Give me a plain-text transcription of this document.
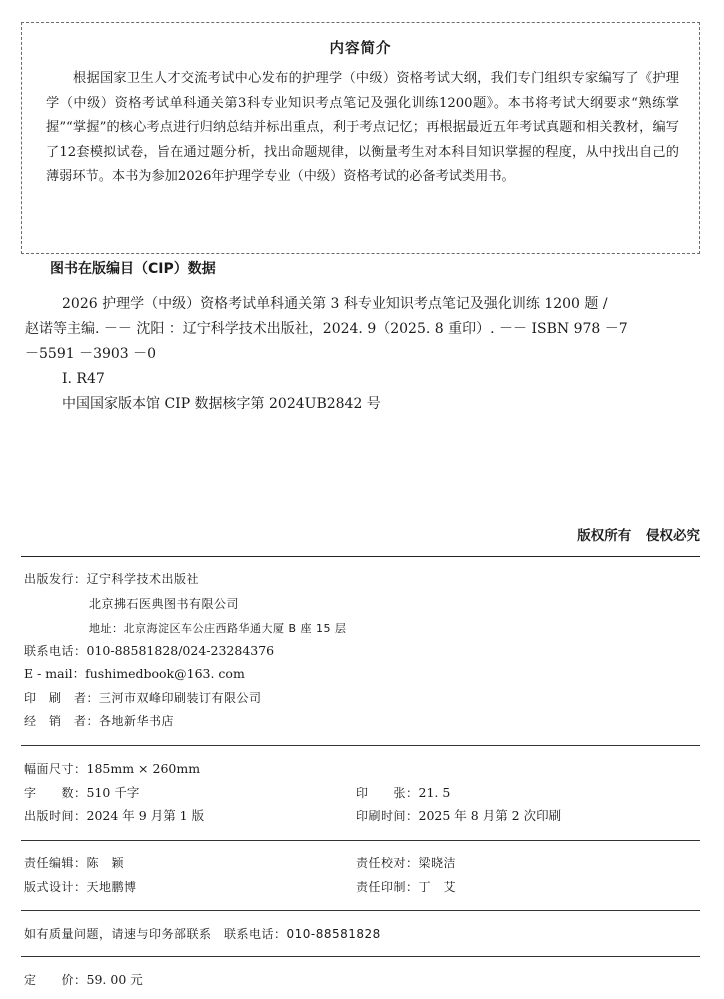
内容简介
根据国家卫生人才交流考试中心发布的护理学（中级）资格考试大纲，我们专门组织专家编写了《护理学（中级）资格考试单科通关第3科专业知识考点笔记及强化训练1200题》。本书将考试大纲要求“熟练掌握”“掌握”的核心考点进行归纳总结并标出重点，利于考点记忆；再根据最近五年考试真题和相关教材，编写了12套模拟试卷，旨在通过题分析，找出命题规律，以衡量考生对本科目知识掌握的程度，从中找出自己的薄弱环节。本书为参加2026年护理学专业（中级）资格考试的必备考试类用书。
图书在版编目（CIP）数据
2026 护理学（中级）资格考试单科通关第 3 科专业知识考点笔记及强化训练 1200 题 /
赵诺等主编. －－ 沈阳 ：辽宁科学技术出版社，2024. 9（2025. 8 重印）. －－ ISBN 978 －7
－5591 －3903 －0
Ⅰ. R47
中国国家版本馆 CIP 数据核字第 2024UB2842 号
版权所有 侵权必究
出版发行：辽宁科学技术出版社
北京拂石医典图书有限公司
地址：北京海淀区车公庄西路华通大厦 B 座 15 层
联系电话：010-88581828/024-23284376
E - mail：fushimedbook@163. com
印　刷　者：三河市双峰印刷装订有限公司
经　销　者：各地新华书店
幅面尺寸：185mm × 260mm
字　　数：510 千字	印　　张：21. 5
出版时间：2024 年 9 月第 1 版	印刷时间：2025 年 8 月第 2 次印刷
责任编辑：陈　颖	责任校对：梁晓洁
版式设计：天地鹏博	责任印制：丁　艾
如有质量问题，请速与印务部联系　联系电话：010-88581828
定　　价：59. 00 元
